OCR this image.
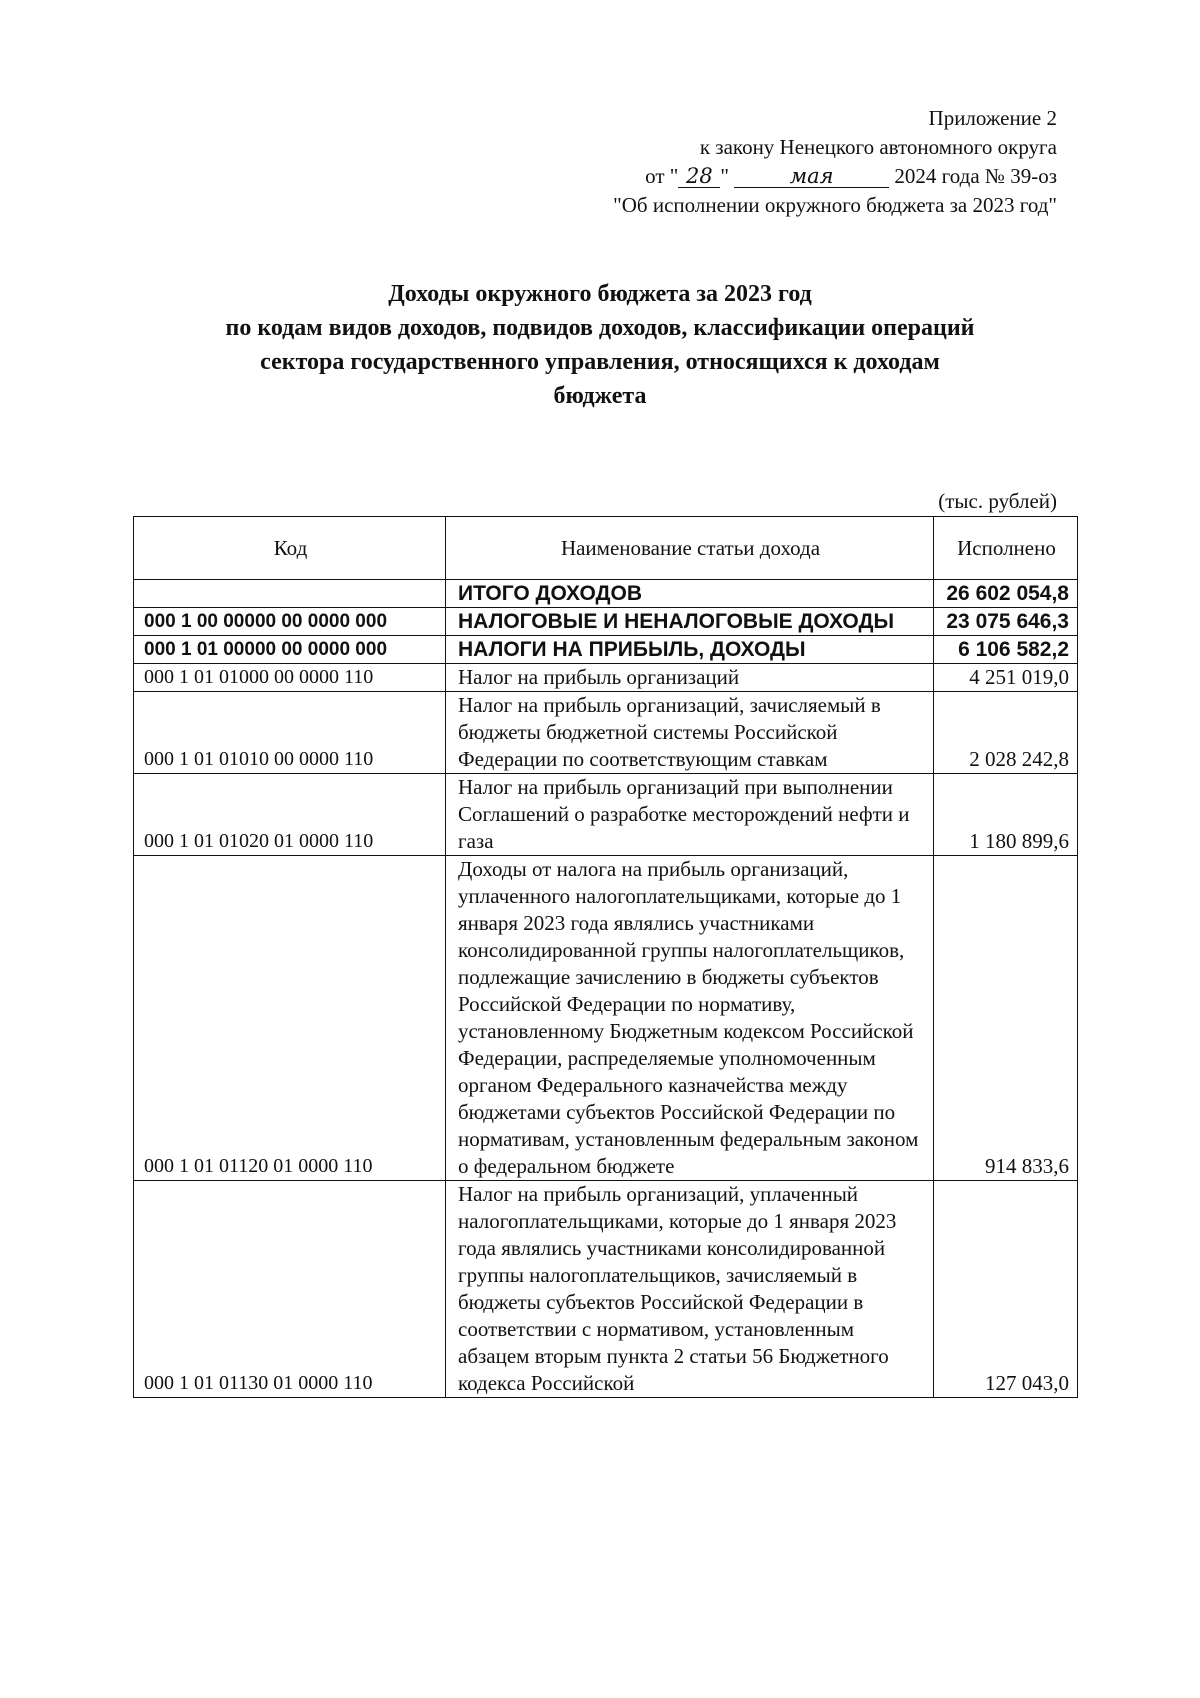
Приложение 2
к закону Ненецкого автономного округа
от " 28 "	мая	2024 года № 39-оз
"Об исполнении окружного бюджета за 2023 год"
Доходы окружного бюджета за 2023 год
по кодам видов доходов, подвидов доходов, классификации операций
сектора государственного управления, относящихся к доходам
бюджета
(тыс. рублей)
Код	Наименование статьи дохода	Исполнено
	ИТОГО ДОХОДОВ	26 602 054,8
000 1 00 00000 00 0000 000	НАЛОГОВЫЕ И НЕНАЛОГОВЫЕ ДОХОДЫ	23 075 646,3
000 1 01 00000 00 0000 000	НАЛОГИ НА ПРИБЫЛЬ, ДОХОДЫ	6 106 582,2
000 1 01 01000 00 0000 110	Налог на прибыль организаций	4 251 019,0
000 1 01 01010 00 0000 110	Налог на прибыль организаций, зачисляемый в бюджеты бюджетной системы Российской Федерации по соответствующим ставкам	2 028 242,8
000 1 01 01020 01 0000 110	Налог на прибыль организаций при выполнении Соглашений о разработке месторождений нефти и газа	1 180 899,6
000 1 01 01120 01 0000 110	Доходы от налога на прибыль организаций, уплаченного налогоплательщиками, которые до 1 января 2023 года являлись участниками консолидированной группы налогоплательщиков, подлежащие зачислению в бюджеты субъектов Российской Федерации по нормативу, установленному Бюджетным кодексом Российской Федерации, распределяемые уполномоченным органом Федерального казначейства между бюджетами субъектов Российской Федерации по нормативам, установленным федеральным законом о федеральном бюджете	914 833,6
000 1 01 01130 01 0000 110	Налог на прибыль организаций, уплаченный налогоплательщиками, которые до 1 января 2023 года являлись участниками консолидированной группы налогоплательщиков, зачисляемый в бюджеты субъектов Российской Федерации в соответствии с нормативом, установленным абзацем вторым пункта 2 статьи 56 Бюджетного кодекса Российской	127 043,0
